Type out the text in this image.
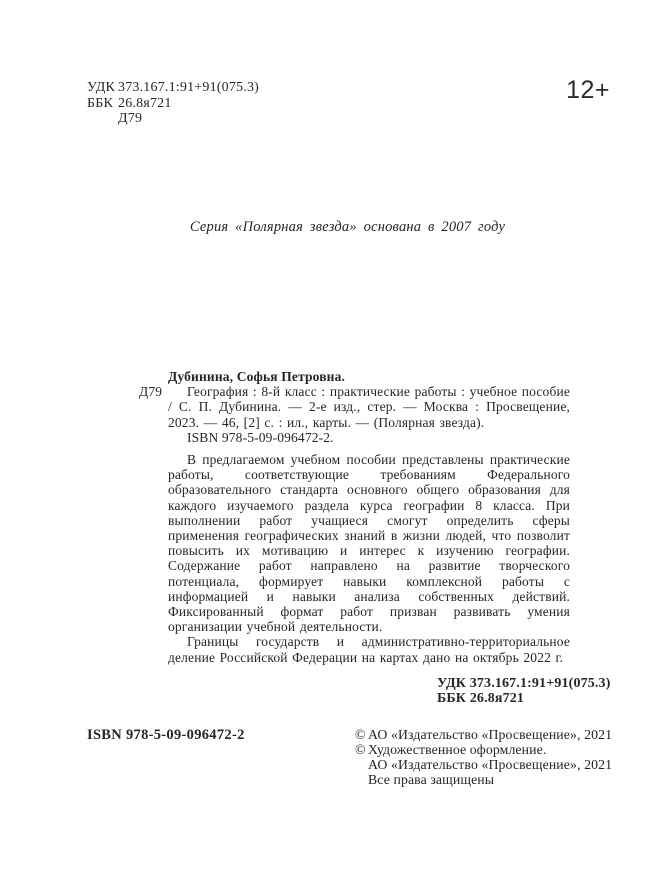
УДК 373.167.1:91+91(075.3)
ББК 26.8я721
Д79
12+
Серия «Полярная звезда» основана в 2007 году

Дубинина, Софья Петровна.

Д79 География : 8-й класс : практические работы : учебное пособие / С. П. Дубинина. — 2-е изд., стер. — Москва : Просвещение, 2023. — 46, [2] с. : ил., карты. — (Полярная звезда).

ISBN 978-5-09-096472-2.

В предлагаемом учебном пособии представлены практические работы, соответствующие требованиям Федерального образовательного стандарта основного общего образования для каждого изучаемого раздела курса географии 8 класса. При выполнении работ учащиеся смогут определить сферы применения географических знаний в жизни людей, что позволит повысить их мотивацию и интерес к изучению географии. Содержание работ направлено на развитие творческого потенциала, формирует навыки комплексной работы с информацией и навыки анализа собственных действий. Фиксированный формат работ призван развивать умения организации учебной деятельности.

Границы государств и административно-территориальное деление Российской Федерации на картах дано на октябрь 2022 г.

УДК 373.167.1:91+91(075.3)
ББК 26.8я721
ISBN 978-5-09-096472-2	© АО «Издательство «Просвещение», 2021
© Художественное оформление.
АО «Издательство «Просвещение», 2021
Все права защищены
